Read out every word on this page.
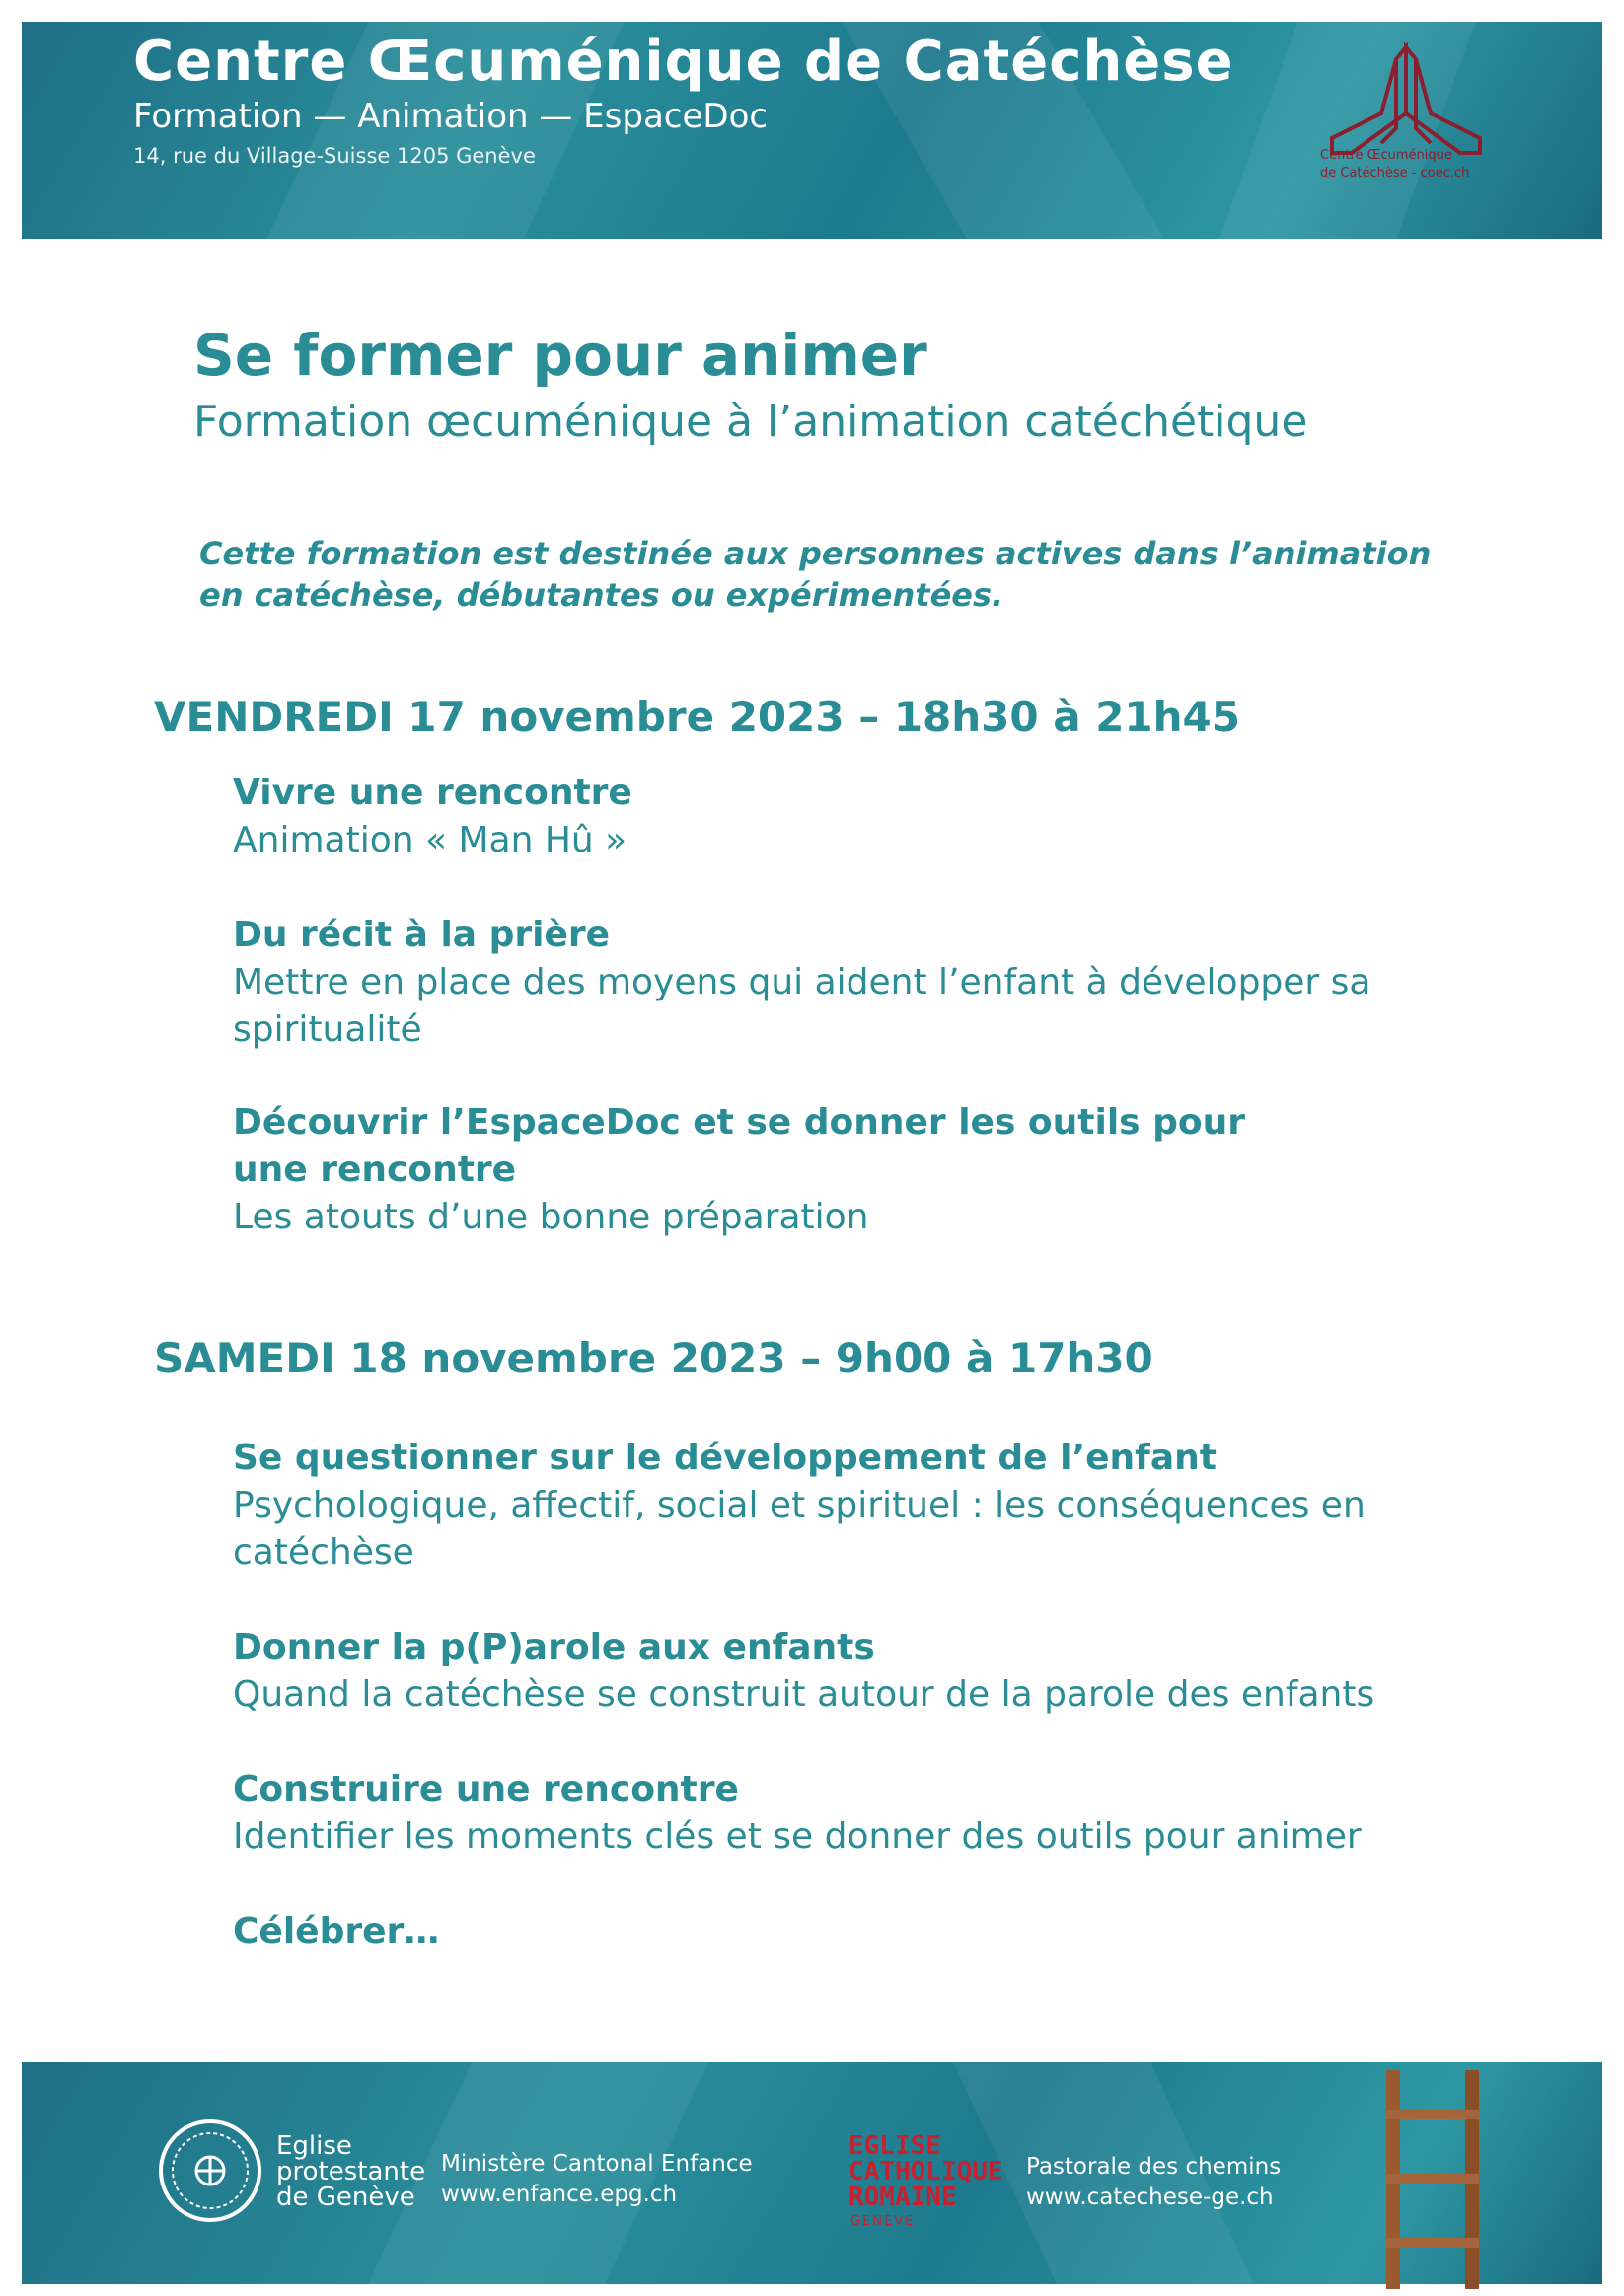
Centre Œcuménique de Catéchèse
Formation — Animation — EspaceDoc
14, rue du Village-Suisse 1205 Genève	Centre Œcuménique
de Catéchèse - coec.ch
Se former pour animer
Formation œcuménique à l’animation catéchétique
Cette formation est destinée aux personnes actives dans l’animation en catéchèse, débutantes ou expérimentées.
VENDREDI 17 novembre 2023 – 18h30 à 21h45
Vivre une rencontre
Animation « Man Hû »
Du récit à la prière
Mettre en place des moyens qui aident l’enfant à développer sa spiritualité
Découvrir l’EspaceDoc et se donner les outils pour une rencontre
Les atouts d’une bonne préparation
SAMEDI 18 novembre 2023 – 9h00 à 17h30
Se questionner sur le développement de l’enfant
Psychologique, affectif, social et spirituel : les conséquences en catéchèse
Donner la p(P)arole aux enfants
Quand la catéchèse se construit autour de la parole des enfants
Construire une rencontre
Identifier les moments clés et se donner des outils pour animer
Célébrer…
Eglise
protestante
de Genève
Ministère Cantonal Enfance
www.enfance.epg.ch
EGLISE
CATHOLIQUE
ROMAINE
GENÈVE
Pastorale des chemins
www.catechese-ge.ch
